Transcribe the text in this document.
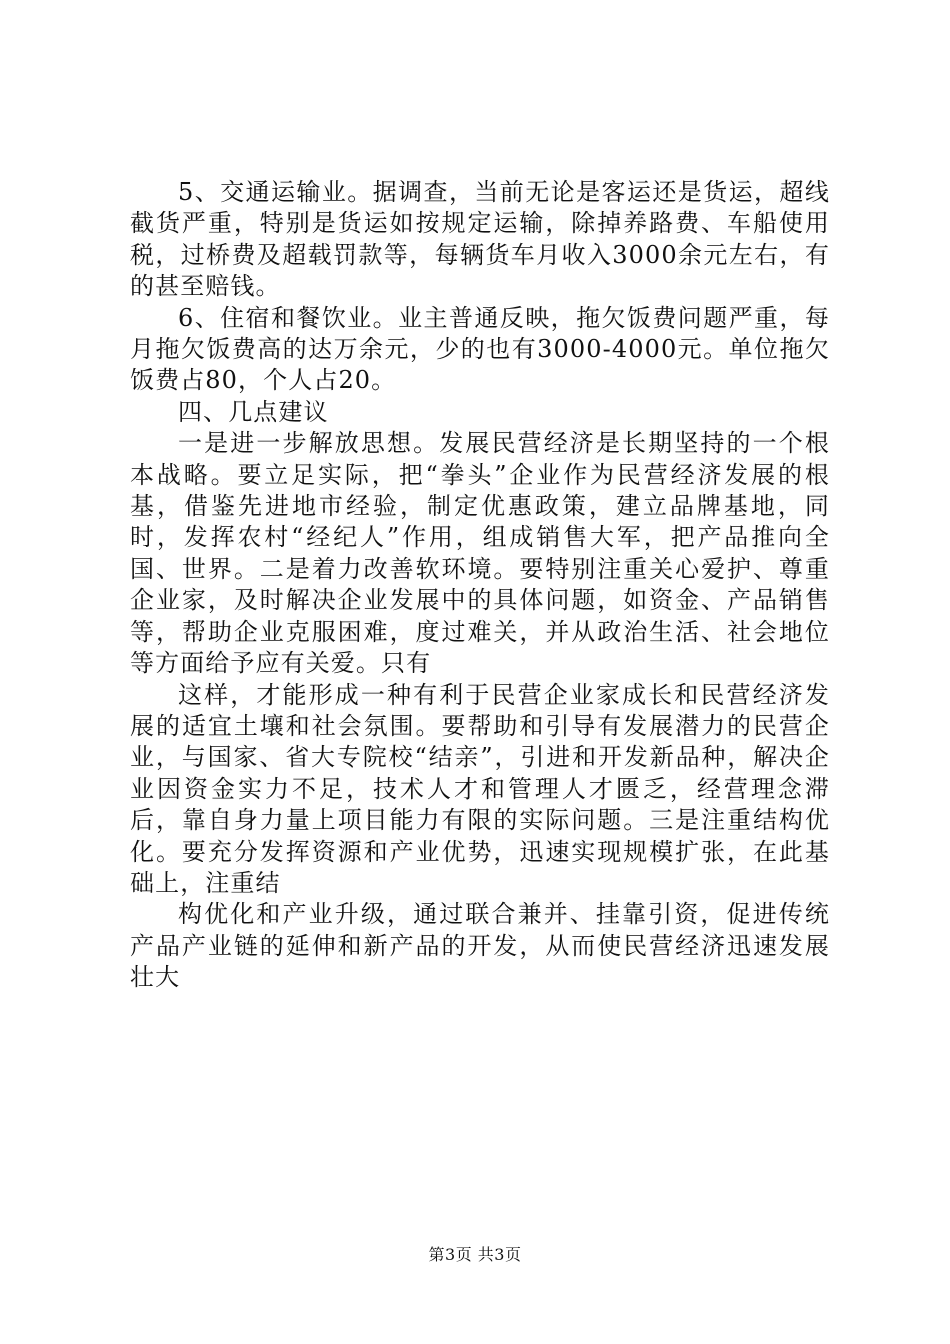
5、交通运输业。据调查，当前无论是客运还是货运，超线截货严重，特别是货运如按规定运输，除掉养路费、车船使用税，过桥费及超载罚款等，每辆货车月收入3000余元左右，有的甚至赔钱。

6、住宿和餐饮业。业主普通反映，拖欠饭费问题严重，每月拖欠饭费高的达万余元，少的也有3000-4000元。单位拖欠饭费占80，个人占20。

四、几点建议

一是进一步解放思想。发展民营经济是长期坚持的一个根本战略。要立足实际，把“拳头”企业作为民营经济发展的根基，借鉴先进地市经验，制定优惠政策，建立品牌基地，同时，发挥农村“经纪人”作用，组成销售大军，把产品推向全国、世界。二是着力改善软环境。要特别注重关心爱护、尊重企业家，及时解决企业发展中的具体问题，如资金、产品销售等，帮助企业克服困难，度过难关，并从政治生活、社会地位等方面给予应有关爱。只有

这样，才能形成一种有利于民营企业家成长和民营经济发展的适宜土壤和社会氛围。要帮助和引导有发展潜力的民营企业，与国家、省大专院校“结亲”，引进和开发新品种，解决企业因资金实力不足，技术人才和管理人才匮乏，经营理念滞后，靠自身力量上项目能力有限的实际问题。三是注重结构优化。要充分发挥资源和产业优势，迅速实现规模扩张，在此基础上，注重结

构优化和产业升级，通过联合兼并、挂靠引资，促进传统产品产业链的延伸和新产品的开发，从而使民营经济迅速发展壮大

第3页 共3页
